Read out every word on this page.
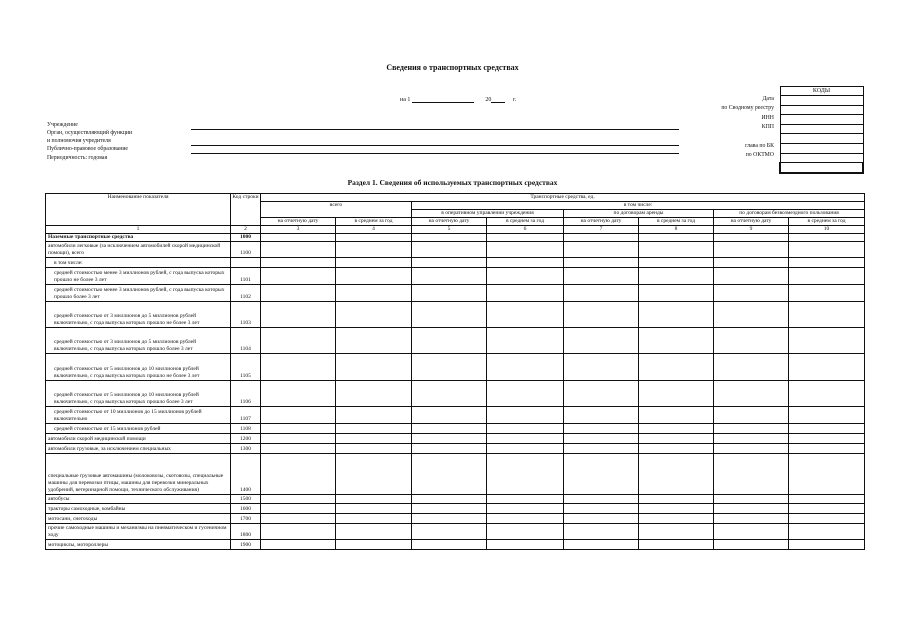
Сведения о транспортных средствах
на 1	20	г.	Дата
по Сводному реестру
ИНН
КПП

глава по БК
по ОКТМО
КОДЫ

Учреждение
Орган, осуществляющий функции
и полномочия учредителя
Публично-правовое образование
Периодичность: годовая
Раздел 1. Сведения об используемых транспортных средствах
Наименование показателя	Код строки	Транспортные средства, ед.							
		всего		в том числе:					
				в оперативном управлении учреждения		по договорам аренды		по договорам безвозмездного пользования	
		на отчетную дату	в среднем за год	на отчетную дату	в среднем за год	на отчетную дату	в среднем за год	на отчетную дату	в среднем за год
1	2	3	4	5	6	7	8	9	10
Наземные транспортные средства	1000								
автомобили легковые (за исключением автомобилей скорой медицинской помощи), всего	1100								
в том числе:									
средней стоимостью менее 3 миллионов рублей, с года выпуска которых прошло не более 3 лет	1101								
средней стоимостью менее 3 миллионов рублей, с года выпуска которых прошло более 3 лет	1102								
средней стоимостью от 3 миллионов до 5 миллионов рублей включительно, с года выпуска которых прошло не более 3 лет	1103								
средней стоимостью от 3 миллионов до 5 миллионов рублей включительно, с года выпуска которых прошло более 3 лет	1104								
средней стоимостью от 5 миллионов до 10 миллионов рублей включительно, с года выпуска которых прошло не более 3 лет	1105								
средней стоимостью от 5 миллионов до 10 миллионов рублей включительно, с года выпуска которых прошло более 3 лет	1106								
средней стоимостью от 10 миллионов до 15 миллионов рублей включительно	1107								
средней стоимостью от 15 миллионов рублей	1108								
автомобили скорой медицинской помощи	1200								
автомобили грузовые, за исключением специальных	1300								
специальные грузовые автомашины (молоковозы, скотовозы, специальные машины для перевозки птицы, машины для перевозки минеральных удобрений, ветеринарной помощи, технического обслуживания)	1400								
автобусы	1500								
тракторы самоходные, комбайны	1600								
мотосани, снегоходы	1700								
прочие самоходные машины и механизмы на пневматическом и гусеничном ходу	1800								
мотоциклы, мотороллеры	1900								
